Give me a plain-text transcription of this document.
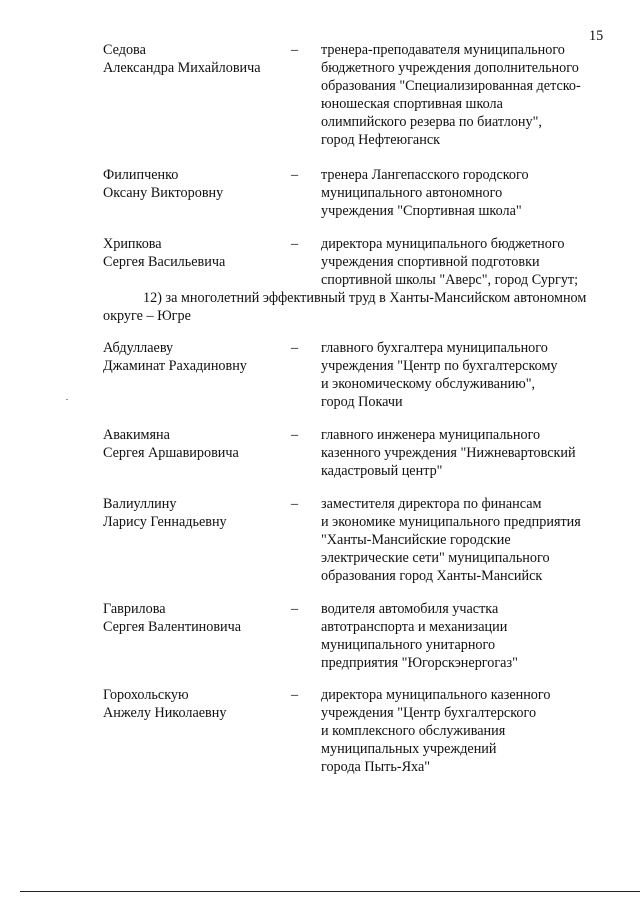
15
Седова
Александра Михайловича
– тренера-преподавателя муниципального
бюджетного учреждения дополнительного
образования "Специализированная детско-
юношеская спортивная школа
олимпийского резерва по биатлону",
город Нефтеюганск
Филипченко
Оксану Викторовну
– тренера Лангепасского городского
муниципального автономного
учреждения "Спортивная школа"
Хрипкова
Сергея Васильевича
– директора муниципального бюджетного
учреждения спортивной подготовки
спортивной школы "Аверс", город Сургут;
12) за многолетний эффективный труд в Ханты-Мансийском автономном
округе – Югре
Абдуллаеву
Джаминат Рахадиновну
– главного бухгалтера муниципального
учреждения "Центр по бухгалтерскому
и экономическому обслуживанию",
город Покачи
Авакимяна
Сергея Аршавировича
– главного инженера муниципального
казенного учреждения "Нижневартовский
кадастровый центр"
Валиуллину
Ларису Геннадьевну
– заместителя директора по финансам
и экономике муниципального предприятия
"Ханты-Мансийские городские
электрические сети" муниципального
образования город Ханты-Мансийск
Гаврилова
Сергея Валентиновича
– водителя автомобиля участка
автотранспорта и механизации
муниципального унитарного
предприятия "Югорскэнергогаз"
Горохольскую
Анжелу Николаевну
– директора муниципального казенного
учреждения "Центр бухгалтерского
и комплексного обслуживания
муниципальных учреждений
города Пыть-Яха"
